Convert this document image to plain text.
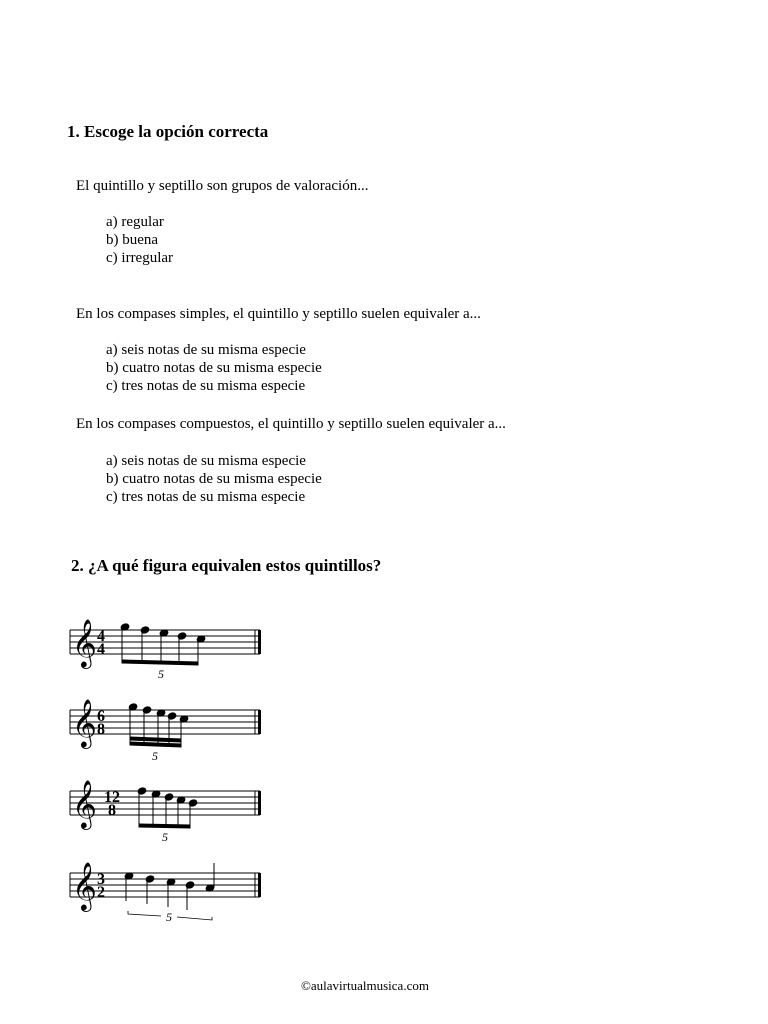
1. Escoge la opción correcta
El quintillo y septillo son grupos de valoración...
a) regular
b) buena
c) irregular
En los compases simples, el quintillo y septillo suelen equivaler a...
a) seis notas de su misma especie
b) cuatro notas de su misma especie
c) tres notas de su misma especie
En los compases compuestos, el quintillo y septillo suelen equivaler a...
a) seis notas de su misma especie
b) cuatro notas de su misma especie
c) tres notas de su misma especie
2. ¿A qué figura equivalen estos quintillos?
𝄞 4
4
5
𝄞 6
8
5
𝄞 12
8
5
𝄞 3
2
5
©aulavirtualmusica.com
